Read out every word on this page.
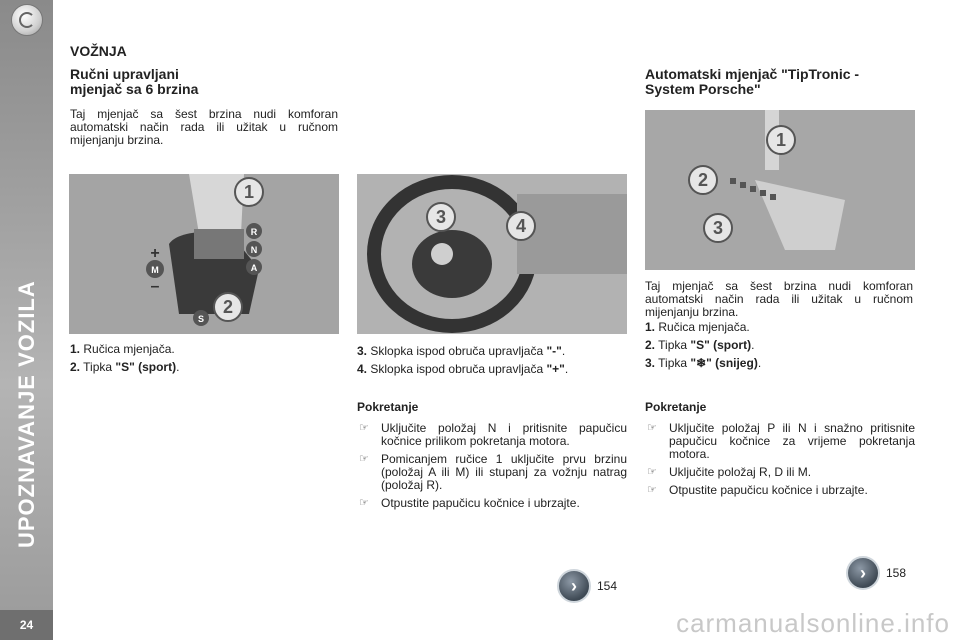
UPOZNAVANJE VOZILA
24
VOŽNJA
Ručni upravljani
mjenjač sa 6 brzina
Taj mjenjač sa šest brzina nudi komforan automatski način rada ili užitak u ručnom mijenjanju brzina.
1
2
R
N
A
M
S
+
–
1. Ručica mjenjača.
2. Tipka "S" (sport).
3	4
3. Sklopka ispod obruča upravljača "-".
4. Sklopka ispod obruča upravljača "+".
Pokretanje
☞ Uključite položaj N i pritisnite papučicu kočnice prilikom pokretanja motora.
☞ Pomicanjem ručice 1 uključite prvu brzinu (položaj A ili M) ili stupanj za vožnju natrag (položaj R).
☞ Otpustite papučicu kočnice i ubrzajte.
›	154
Automatski mjenjač "TipTronic -
System Porsche"
1
2
3
Taj mjenjač sa šest brzina nudi komforan automatski način rada ili užitak u ručnom mijenjanju brzina.
1. Ručica mjenjača.
2. Tipka "S" (sport).
3. Tipka "❄" (snijeg).
Pokretanje
☞ Uključite položaj P ili N i snažno pritisnite papučicu kočnice za vrijeme pokretanja motora.
☞ Uključite položaj R, D ili M.
☞ Otpustite papučicu kočnice i ubrzajte.
›	158
carmanualsonline.info
